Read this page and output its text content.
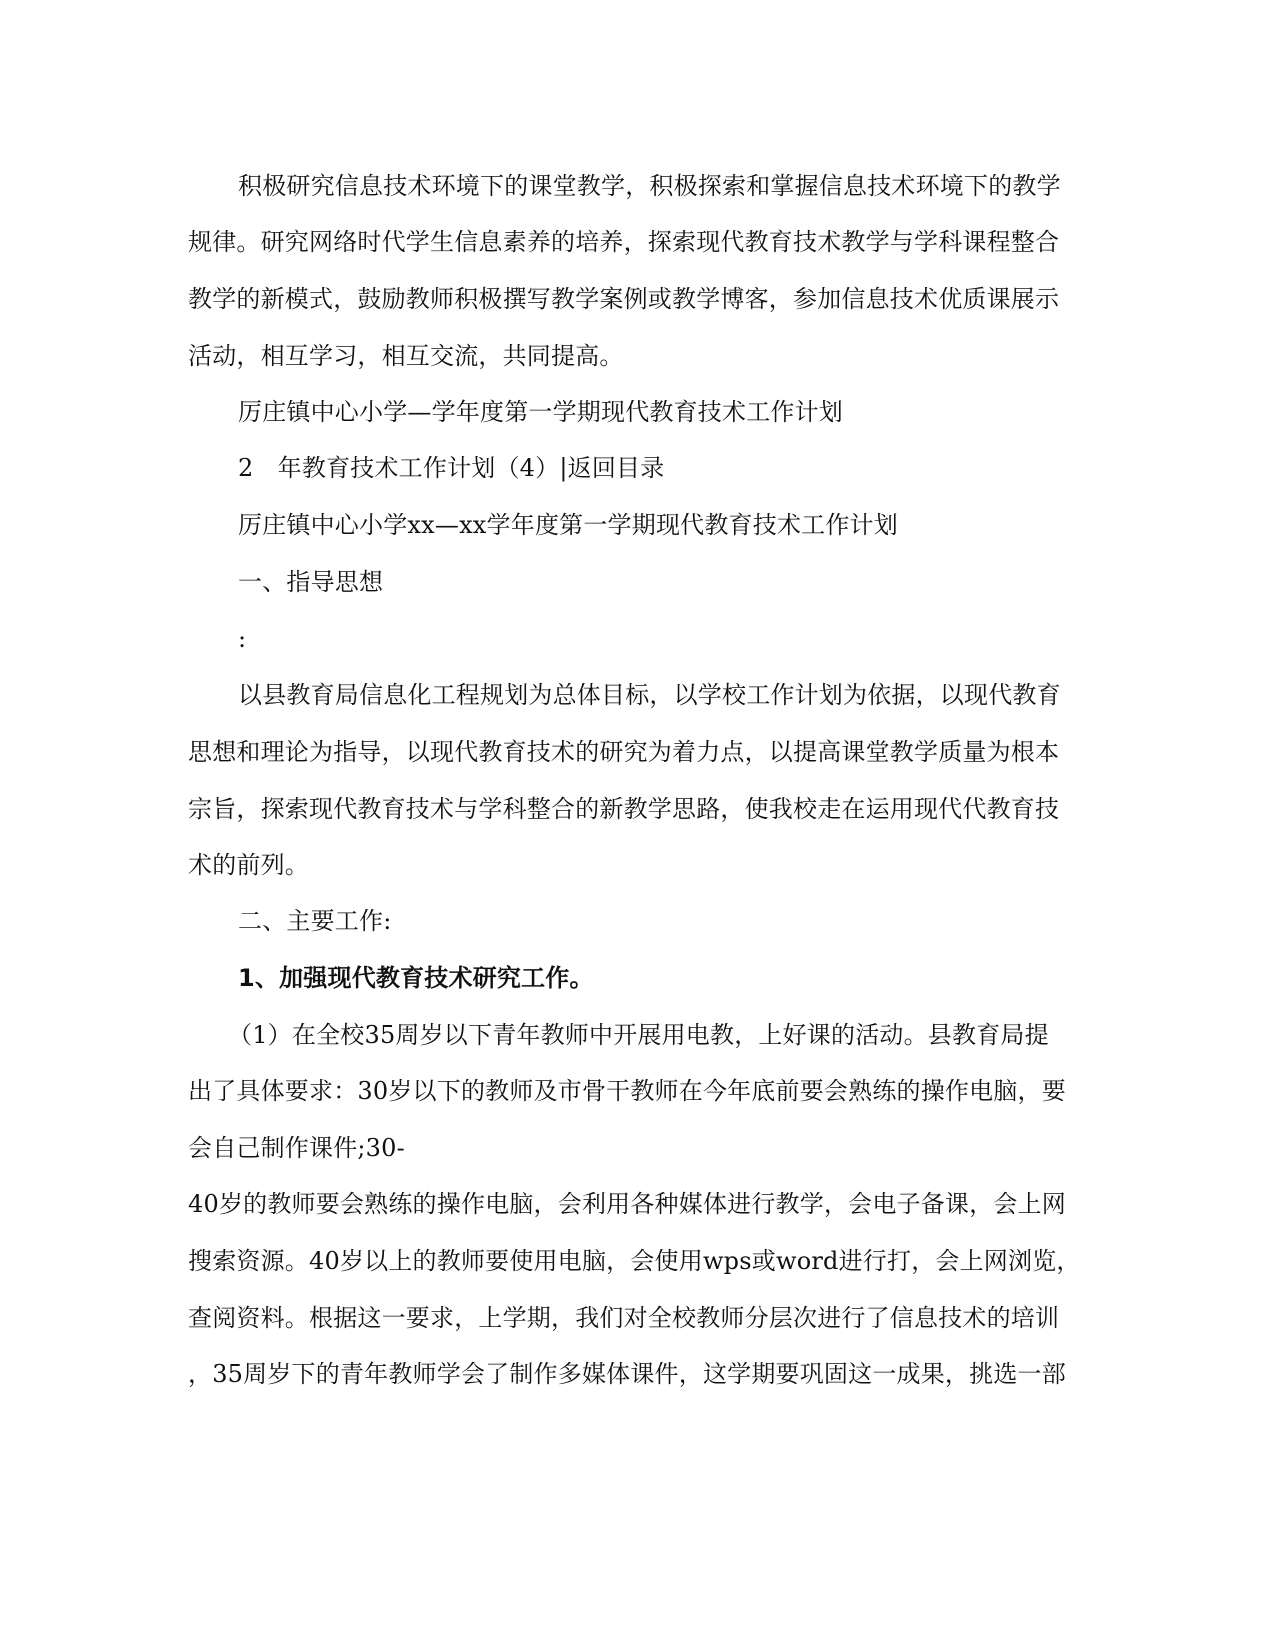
积极研究信息技术环境下的课堂教学，积极探索和掌握信息技术环境下的教学
规律。研究网络时代学生信息素养的培养，探索现代教育技术教学与学科课程整合
教学的新模式，鼓励教师积极撰写教学案例或教学博客，参加信息技术优质课展示
活动，相互学习，相互交流，共同提高。
厉庄镇中心小学—学年度第一学期现代教育技术工作计划
2　年教育技术工作计划（4）|返回目录
厉庄镇中心小学xx—xx学年度第一学期现代教育技术工作计划
一、指导思想
:
以县教育局信息化工程规划为总体目标，以学校工作计划为依据，以现代教育
思想和理论为指导，以现代教育技术的研究为着力点，以提高课堂教学质量为根本
宗旨，探索现代教育技术与学科整合的新教学思路，使我校走在运用现代代教育技
术的前列。
二、主要工作:
1、加强现代教育技术研究工作。
（1）在全校35周岁以下青年教师中开展用电教，上好课的活动。县教育局提
出了具体要求：30岁以下的教师及市骨干教师在今年底前要会熟练的操作电脑，要
会自己制作课件;30-
40岁的教师要会熟练的操作电脑，会利用各种媒体进行教学，会电子备课，会上网
搜索资源。40岁以上的教师要使用电脑，会使用wps或word进行打，会上网浏览，
查阅资料。根据这一要求，上学期，我们对全校教师分层次进行了信息技术的培训
，35周岁下的青年教师学会了制作多媒体课件，这学期要巩固这一成果，挑选一部
